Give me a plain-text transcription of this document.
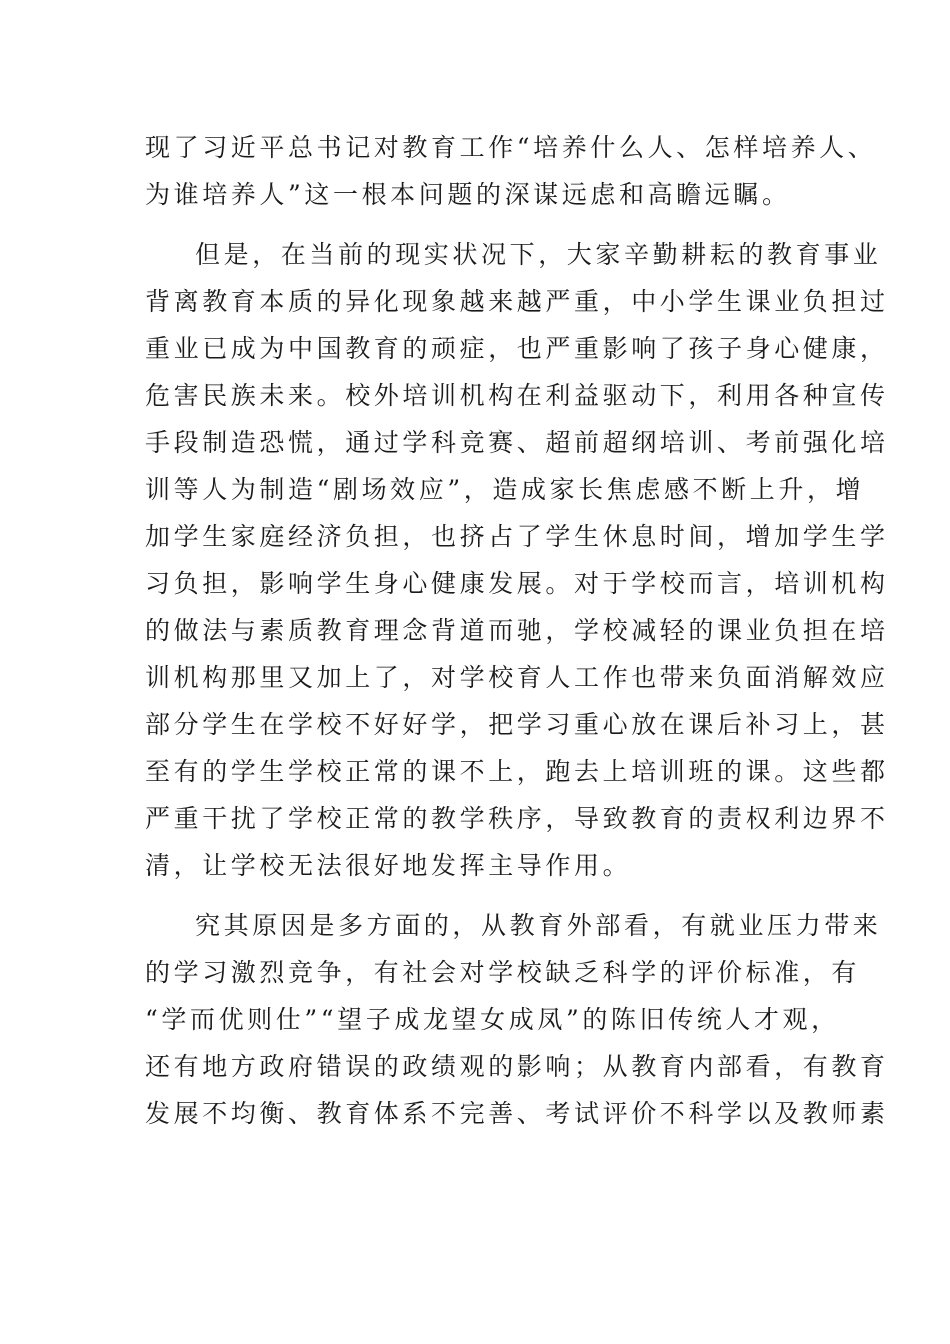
现了习近平总书记对教育工作“培养什么人、怎样培养人、
为谁培养人”这一根本问题的深谋远虑和高瞻远瞩。
但是，在当前的现实状况下，大家辛勤耕耘的教育事业
背离教育本质的异化现象越来越严重，中小学生课业负担过
重业已成为中国教育的顽症，也严重影响了孩子身心健康，
危害民族未来。校外培训机构在利益驱动下，利用各种宣传
手段制造恐慌，通过学科竞赛、超前超纲培训、考前强化培
训等人为制造“剧场效应”，造成家长焦虑感不断上升，增
加学生家庭经济负担，也挤占了学生休息时间，增加学生学
习负担，影响学生身心健康发展。对于学校而言，培训机构
的做法与素质教育理念背道而驰，学校减轻的课业负担在培
训机构那里又加上了，对学校育人工作也带来负面消解效应
部分学生在学校不好好学，把学习重心放在课后补习上，甚
至有的学生学校正常的课不上，跑去上培训班的课。这些都
严重干扰了学校正常的教学秩序，导致教育的责权利边界不
清，让学校无法很好地发挥主导作用。
究其原因是多方面的，从教育外部看，有就业压力带来
的学习激烈竞争，有社会对学校缺乏科学的评价标准，有
“学而优则仕”“望子成龙望女成凤”的陈旧传统人才观，
还有地方政府错误的政绩观的影响；从教育内部看，有教育
发展不均衡、教育体系不完善、考试评价不科学以及教师素
